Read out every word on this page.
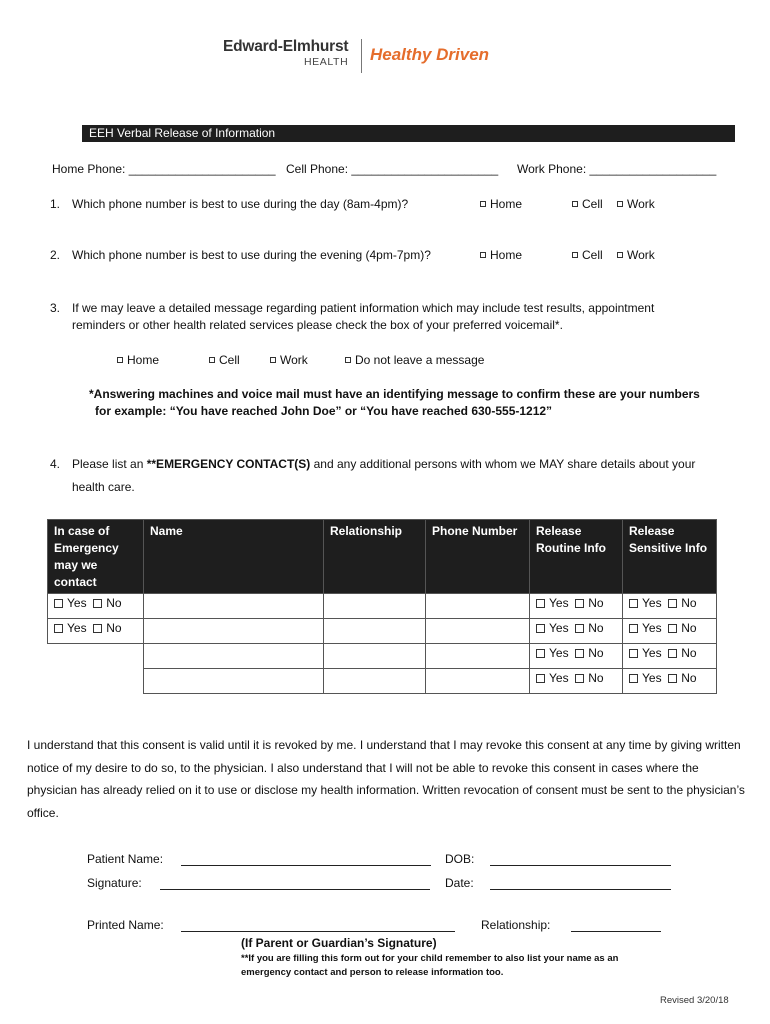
Edward-Elmhurst
HEALTH Healthy Driven
EEH Verbal Release of Information
Home Phone: ______________________ Cell Phone: ______________________ Work Phone: ___________________
1. Which phone number is best to use during the day (8am-4pm)?	Home	Cell	Work
2. Which phone number is best to use during the evening (4pm-7pm)?	Home	Cell	Work
3. If we may leave a detailed message regarding patient information which may include test results, appointment
reminders or other health related services please check the box of your preferred voicemail*.
Home	Cell	Work	Do not leave a message
*Answering machines and voice mail must have an identifying message to confirm these are your numbers
for example: “You have reached John Doe” or “You have reached 630-555-1212”
4. Please list an **EMERGENCY CONTACT(S) and any additional persons with whom we MAY share details about your
health care.
In case of Emergency may we contact	Name	Relationship	Phone Number	Release Routine Info	Release Sensitive Info
Yes No				Yes No	Yes No
Yes No				Yes No	Yes No
				Yes No	Yes No
				Yes No	Yes No
I understand that this consent is valid until it is revoked by me. I understand that I may revoke this consent at any time by giving written notice of my desire to do so, to the physician. I also understand that I will not be able to revoke this consent in cases where the physician has already relied on it to use or disclose my health information. Written revocation of consent must be sent to the physician’s office.
Patient Name:	DOB:
Signature:	Date:
Printed Name:	Relationship:
(If Parent or Guardian’s Signature)
**If you are filling this form out for your child remember to also list your name as an
emergency contact and person to release information too.
Revised 3/20/18
